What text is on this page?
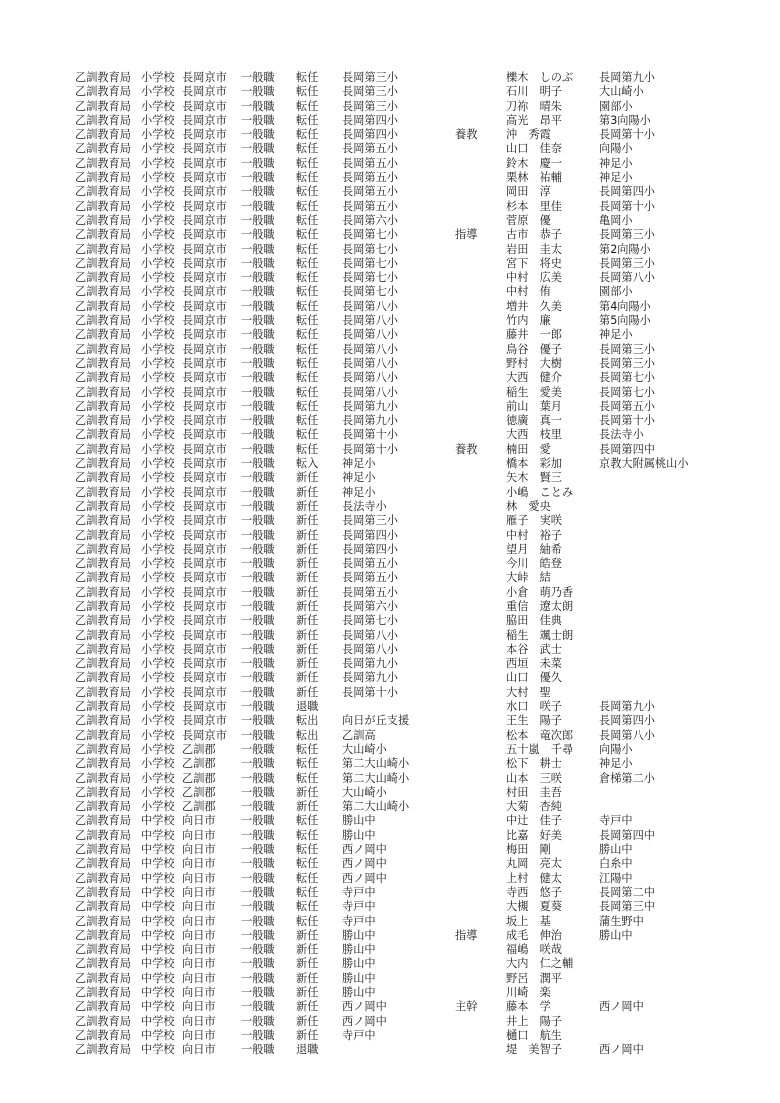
乙訓教育局 小学校 長岡京市 一般職 転任 長岡第三小	櫟木　しのぶ 長岡第九小
乙訓教育局 小学校 長岡京市 一般職 転任 長岡第三小	石川　明子	大山崎小
乙訓教育局 小学校 長岡京市 一般職 転任 長岡第三小	刀祢　晴朱	園部小
乙訓教育局 小学校 長岡京市 一般職 転任 長岡第四小	高光　昂平	第3向陽小
乙訓教育局 小学校 長岡京市 一般職 転任 長岡第四小	養教	沖　秀霞	長岡第十小
乙訓教育局 小学校 長岡京市 一般職 転任 長岡第五小	山口　佳奈	向陽小
乙訓教育局 小学校 長岡京市 一般職 転任 長岡第五小	鈴木　慶一	神足小
乙訓教育局 小学校 長岡京市 一般職 転任 長岡第五小	栗林　祐輔	神足小
乙訓教育局 小学校 長岡京市 一般職 転任 長岡第五小	岡田　淳	長岡第四小
乙訓教育局 小学校 長岡京市 一般職 転任 長岡第五小	杉本　里佳	長岡第十小
乙訓教育局 小学校 長岡京市 一般職 転任 長岡第六小	菅原　優	亀岡小
乙訓教育局 小学校 長岡京市 一般職 転任 長岡第七小	指導	古市　恭子	長岡第三小
乙訓教育局 小学校 長岡京市 一般職 転任 長岡第七小	岩田　圭太	第2向陽小
乙訓教育局 小学校 長岡京市 一般職 転任 長岡第七小	宮下　将史	長岡第三小
乙訓教育局 小学校 長岡京市 一般職 転任 長岡第七小	中村　広美	長岡第八小
乙訓教育局 小学校 長岡京市 一般職 転任 長岡第七小	中村　侑	園部小
乙訓教育局 小学校 長岡京市 一般職 転任 長岡第八小	増井　久美	第4向陽小
乙訓教育局 小学校 長岡京市 一般職 転任 長岡第八小	竹内　廉	第5向陽小
乙訓教育局 小学校 長岡京市 一般職 転任 長岡第八小	藤井　一郎	神足小
乙訓教育局 小学校 長岡京市 一般職 転任 長岡第八小	鳥谷　優子	長岡第三小
乙訓教育局 小学校 長岡京市 一般職 転任 長岡第八小	野村　大樹	長岡第三小
乙訓教育局 小学校 長岡京市 一般職 転任 長岡第八小	大西　健介	長岡第七小
乙訓教育局 小学校 長岡京市 一般職 転任 長岡第八小	稲生　愛美	長岡第七小
乙訓教育局 小学校 長岡京市 一般職 転任 長岡第九小	前山　葉月	長岡第五小
乙訓教育局 小学校 長岡京市 一般職 転任 長岡第九小	徳廣　真一	長岡第十小
乙訓教育局 小学校 長岡京市 一般職 転任 長岡第十小	大西　枝里	長法寺小
乙訓教育局 小学校 長岡京市 一般職 転任 長岡第十小	養教	楠田　愛	長岡第四中
乙訓教育局 小学校 長岡京市 一般職 転入 神足小	橋本　彩加	京教大附属桃山小
乙訓教育局 小学校 長岡京市 一般職 新任 神足小	矢木　賢三
乙訓教育局 小学校 長岡京市 一般職 新任 神足小	小嶋　ことみ
乙訓教育局 小学校 長岡京市 一般職 新任 長法寺小	林　愛央
乙訓教育局 小学校 長岡京市 一般職 新任 長岡第三小	雁子　実咲
乙訓教育局 小学校 長岡京市 一般職 新任 長岡第四小	中村　裕子
乙訓教育局 小学校 長岡京市 一般職 新任 長岡第四小	望月　紬希
乙訓教育局 小学校 長岡京市 一般職 新任 長岡第五小	今川　皓登
乙訓教育局 小学校 長岡京市 一般職 新任 長岡第五小	大峠　結
乙訓教育局 小学校 長岡京市 一般職 新任 長岡第五小	小倉　萌乃香
乙訓教育局 小学校 長岡京市 一般職 新任 長岡第六小	重信　遼太朗
乙訓教育局 小学校 長岡京市 一般職 新任 長岡第七小	脇田　佳典
乙訓教育局 小学校 長岡京市 一般職 新任 長岡第八小	稲生　颯士朗
乙訓教育局 小学校 長岡京市 一般職 新任 長岡第八小	本谷　武士
乙訓教育局 小学校 長岡京市 一般職 新任 長岡第九小	西垣　未菜
乙訓教育局 小学校 長岡京市 一般職 新任 長岡第九小	山口　優久
乙訓教育局 小学校 長岡京市 一般職 新任 長岡第十小	大村　聖
乙訓教育局 小学校 長岡京市 一般職 退職	水口　咲子	長岡第九小
乙訓教育局 小学校 長岡京市 一般職 転出 向日が丘支援	王生　陽子	長岡第四小
乙訓教育局 小学校 長岡京市 一般職 転出 乙訓高	松本　竜次郎 長岡第八小
乙訓教育局 小学校 乙訓郡 一般職 転任 大山崎小	五十嵐　千尋 向陽小
乙訓教育局 小学校 乙訓郡 一般職 転任 第二大山崎小	松下　耕士	神足小
乙訓教育局 小学校 乙訓郡 一般職 転任 第二大山崎小	山本　三咲	倉梯第二小
乙訓教育局 小学校 乙訓郡 一般職 新任 大山崎小	村田　圭吾
乙訓教育局 小学校 乙訓郡 一般職 新任 第二大山崎小	大菊　杏純
乙訓教育局 中学校 向日市 一般職 転任 勝山中	中辻　佳子	寺戸中
乙訓教育局 中学校 向日市 一般職 転任 勝山中	比嘉　好美	長岡第四中
乙訓教育局 中学校 向日市 一般職 転任 西ノ岡中	梅田　剛	勝山中
乙訓教育局 中学校 向日市 一般職 転任 西ノ岡中	丸岡　亮太	白糸中
乙訓教育局 中学校 向日市 一般職 転任 西ノ岡中	上村　健太	江陽中
乙訓教育局 中学校 向日市 一般職 転任 寺戸中	寺西　悠子	長岡第二中
乙訓教育局 中学校 向日市 一般職 転任 寺戸中	大槻　夏葵	長岡第三中
乙訓教育局 中学校 向日市 一般職 転任 寺戸中	坂上　基	蒲生野中
乙訓教育局 中学校 向日市 一般職 新任 勝山中	指導	成毛　伸治	勝山中
乙訓教育局 中学校 向日市 一般職 新任 勝山中	福嶋　咲哉
乙訓教育局 中学校 向日市 一般職 新任 勝山中	大内　仁之輔
乙訓教育局 中学校 向日市 一般職 新任 勝山中	野呂　潤平
乙訓教育局 中学校 向日市 一般職 新任 勝山中	川崎　楽
乙訓教育局 中学校 向日市 一般職 新任 西ノ岡中	主幹	藤本　学	西ノ岡中
乙訓教育局 中学校 向日市 一般職 新任 西ノ岡中	井上　陽子
乙訓教育局 中学校 向日市 一般職 新任 寺戸中	樋口　航生
乙訓教育局 中学校 向日市 一般職 退職	堤　美智子	西ノ岡中
